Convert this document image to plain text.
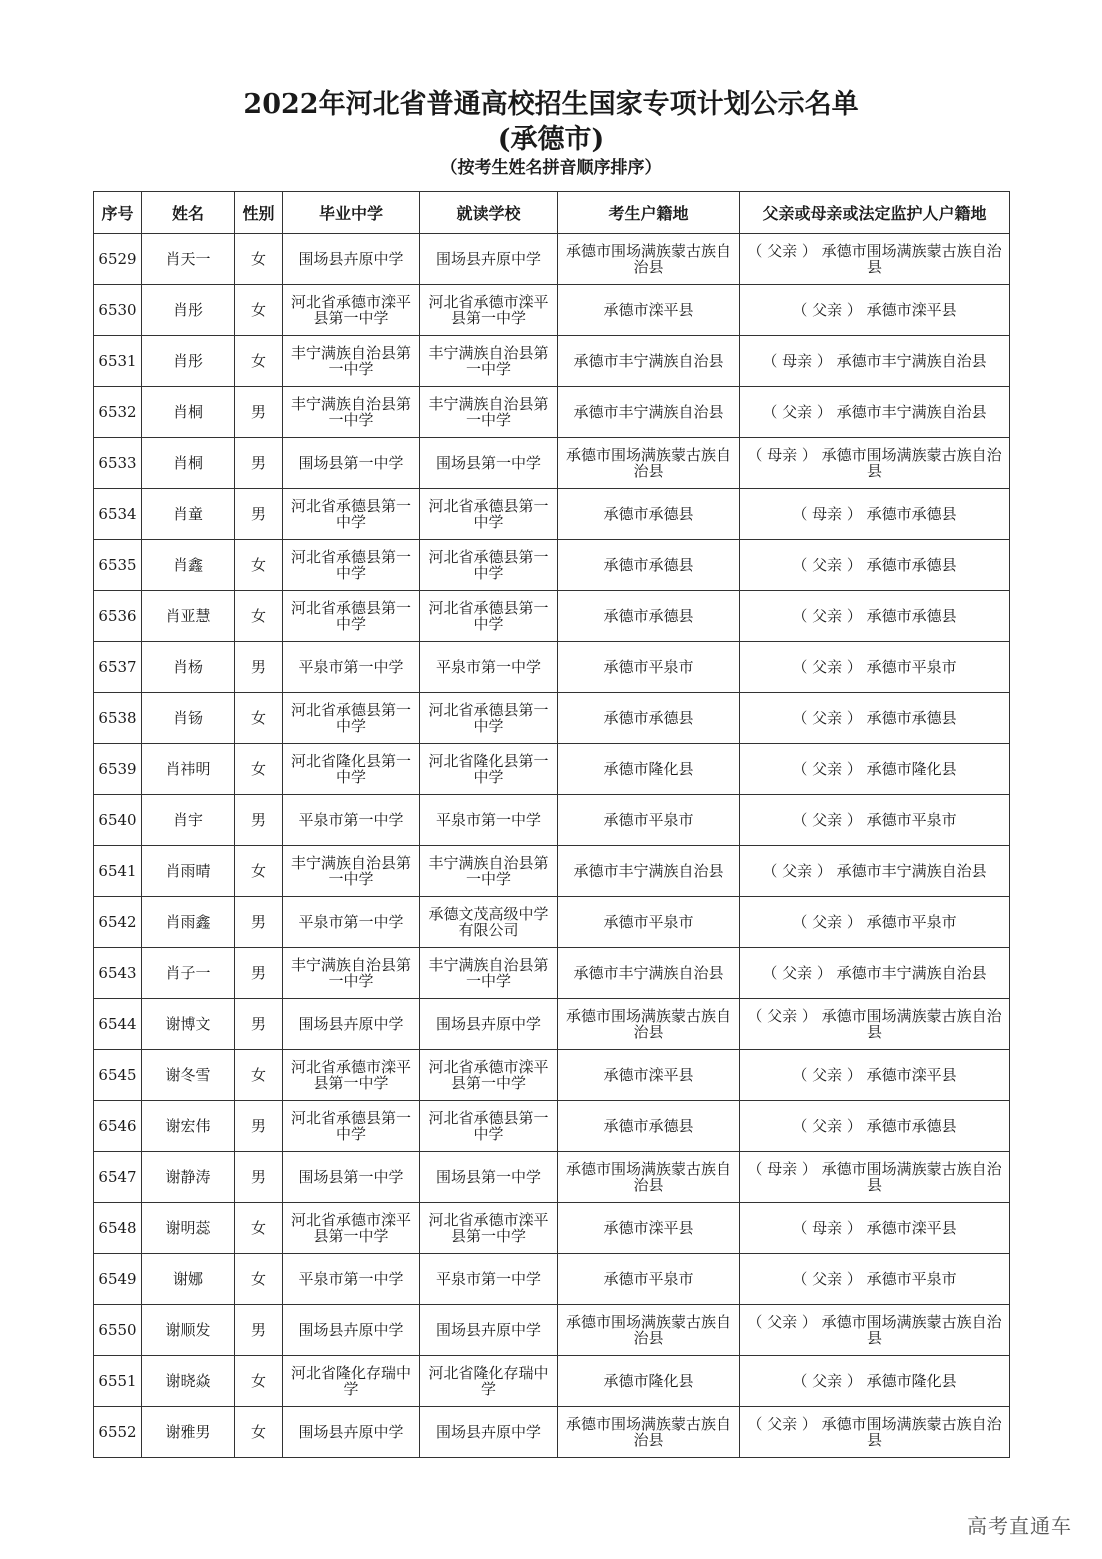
2022年河北省普通高校招生国家专项计划公示名单
(承德市)
（按考生姓名拼音顺序排序）
序号	姓名	性别	毕业中学	就读学校	考生户籍地	父亲或母亲或法定监护人户籍地
6529	肖天一	女	围场县卉原中学	围场县卉原中学	承德市围场满族蒙古族自治县	（ 父亲 ） 承德市围场满族蒙古族自治县
6530	肖彤	女	河北省承德市滦平县第一中学	河北省承德市滦平县第一中学	承德市滦平县	（ 父亲 ） 承德市滦平县
6531	肖彤	女	丰宁满族自治县第一中学	丰宁满族自治县第一中学	承德市丰宁满族自治县	（ 母亲 ） 承德市丰宁满族自治县
6532	肖桐	男	丰宁满族自治县第一中学	丰宁满族自治县第一中学	承德市丰宁满族自治县	（ 父亲 ） 承德市丰宁满族自治县
6533	肖桐	男	围场县第一中学	围场县第一中学	承德市围场满族蒙古族自治县	（ 母亲 ） 承德市围场满族蒙古族自治县
6534	肖童	男	河北省承德县第一中学	河北省承德县第一中学	承德市承德县	（ 母亲 ） 承德市承德县
6535	肖鑫	女	河北省承德县第一中学	河北省承德县第一中学	承德市承德县	（ 父亲 ） 承德市承德县
6536	肖亚慧	女	河北省承德县第一中学	河北省承德县第一中学	承德市承德县	（ 父亲 ） 承德市承德县
6537	肖杨	男	平泉市第一中学	平泉市第一中学	承德市平泉市	（ 父亲 ） 承德市平泉市
6538	肖钖	女	河北省承德县第一中学	河北省承德县第一中学	承德市承德县	（ 父亲 ） 承德市承德县
6539	肖祎明	女	河北省隆化县第一中学	河北省隆化县第一中学	承德市隆化县	（ 父亲 ） 承德市隆化县
6540	肖宇	男	平泉市第一中学	平泉市第一中学	承德市平泉市	（ 父亲 ） 承德市平泉市
6541	肖雨晴	女	丰宁满族自治县第一中学	丰宁满族自治县第一中学	承德市丰宁满族自治县	（ 父亲 ） 承德市丰宁满族自治县
6542	肖雨鑫	男	平泉市第一中学	承德文茂高级中学有限公司	承德市平泉市	（ 父亲 ） 承德市平泉市
6543	肖子一	男	丰宁满族自治县第一中学	丰宁满族自治县第一中学	承德市丰宁满族自治县	（ 父亲 ） 承德市丰宁满族自治县
6544	谢博文	男	围场县卉原中学	围场县卉原中学	承德市围场满族蒙古族自治县	（ 父亲 ） 承德市围场满族蒙古族自治县
6545	谢冬雪	女	河北省承德市滦平县第一中学	河北省承德市滦平县第一中学	承德市滦平县	（ 父亲 ） 承德市滦平县
6546	谢宏伟	男	河北省承德县第一中学	河北省承德县第一中学	承德市承德县	（ 父亲 ） 承德市承德县
6547	谢静涛	男	围场县第一中学	围场县第一中学	承德市围场满族蒙古族自治县	（ 母亲 ） 承德市围场满族蒙古族自治县
6548	谢明蕊	女	河北省承德市滦平县第一中学	河北省承德市滦平县第一中学	承德市滦平县	（ 母亲 ） 承德市滦平县
6549	谢娜	女	平泉市第一中学	平泉市第一中学	承德市平泉市	（ 父亲 ） 承德市平泉市
6550	谢顺发	男	围场县卉原中学	围场县卉原中学	承德市围场满族蒙古族自治县	（ 父亲 ） 承德市围场满族蒙古族自治县
6551	谢晓焱	女	河北省隆化存瑞中学	河北省隆化存瑞中学	承德市隆化县	（ 父亲 ） 承德市隆化县
6552	谢雅男	女	围场县卉原中学	围场县卉原中学	承德市围场满族蒙古族自治县	（ 父亲 ） 承德市围场满族蒙古族自治县
高考直通车
